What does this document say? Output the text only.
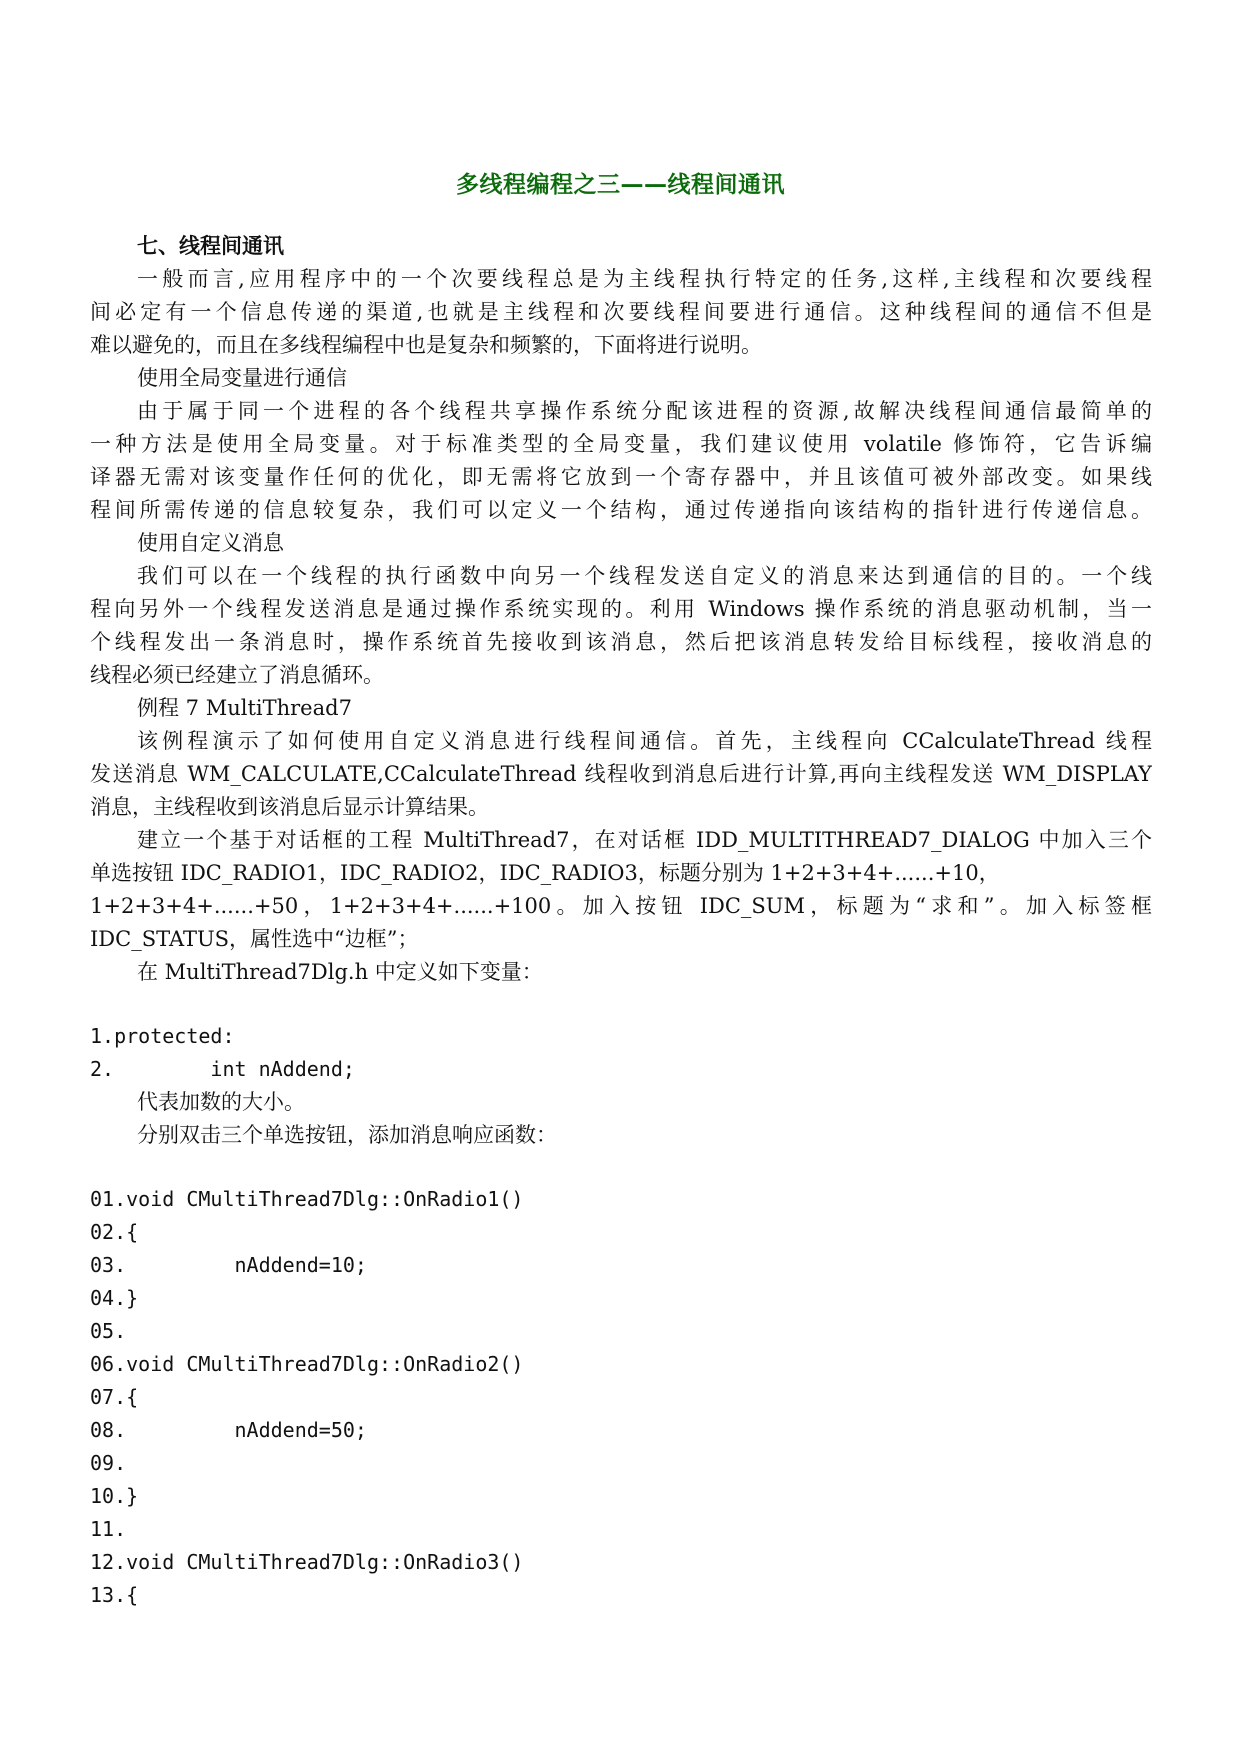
多线程编程之三——线程间通讯
七、线程间通讯
一般而言,应用程序中的一个次要线程总是为主线程执行特定的任务,这样,主线程和次要线程
间必定有一个信息传递的渠道,也就是主线程和次要线程间要进行通信。这种线程间的通信不但是
难以避免的，而且在多线程编程中也是复杂和频繁的，下面将进行说明。
使用全局变量进行通信
由于属于同一个进程的各个线程共享操作系统分配该进程的资源,故解决线程间通信最简单的
一种方法是使用全局变量。对于标准类型的全局变量，我们建议使用 volatile 修饰符，它告诉编
译器无需对该变量作任何的优化，即无需将它放到一个寄存器中，并且该值可被外部改变。如果线
程间所需传递的信息较复杂，我们可以定义一个结构，通过传递指向该结构的指针进行传递信息。
使用自定义消息
我们可以在一个线程的执行函数中向另一个线程发送自定义的消息来达到通信的目的。一个线
程向另外一个线程发送消息是通过操作系统实现的。利用 Windows 操作系统的消息驱动机制，当一
个线程发出一条消息时，操作系统首先接收到该消息，然后把该消息转发给目标线程，接收消息的
线程必须已经建立了消息循环。
例程 7 MultiThread7
该例程演示了如何使用自定义消息进行线程间通信。首先，主线程向 CCalculateThread 线程
发送消息 WM_CALCULATE,CCalculateThread 线程收到消息后进行计算,再向主线程发送 WM_DISPLAY
消息，主线程收到该消息后显示计算结果。
建立一个基于对话框的工程 MultiThread7，在对话框 IDD_MULTITHREAD7_DIALOG 中加入三个
单选按钮 IDC_RADIO1，IDC_RADIO2，IDC_RADIO3，标题分别为 1+2+3+4+......+10，
1+2+3+4+......+50，1+2+3+4+......+100。加入按钮 IDC_SUM，标题为“求和”。加入标签框
IDC_STATUS，属性选中“边框”；
在 MultiThread7Dlg.h 中定义如下变量：
1.protected:
2.        int nAddend;
代表加数的大小。
分别双击三个单选按钮，添加消息响应函数：
01.void CMultiThread7Dlg::OnRadio1()
02.{
03.         nAddend=10;
04.}
05.
06.void CMultiThread7Dlg::OnRadio2()
07.{
08.         nAddend=50;
09.
10.}
11.
12.void CMultiThread7Dlg::OnRadio3()
13.{
